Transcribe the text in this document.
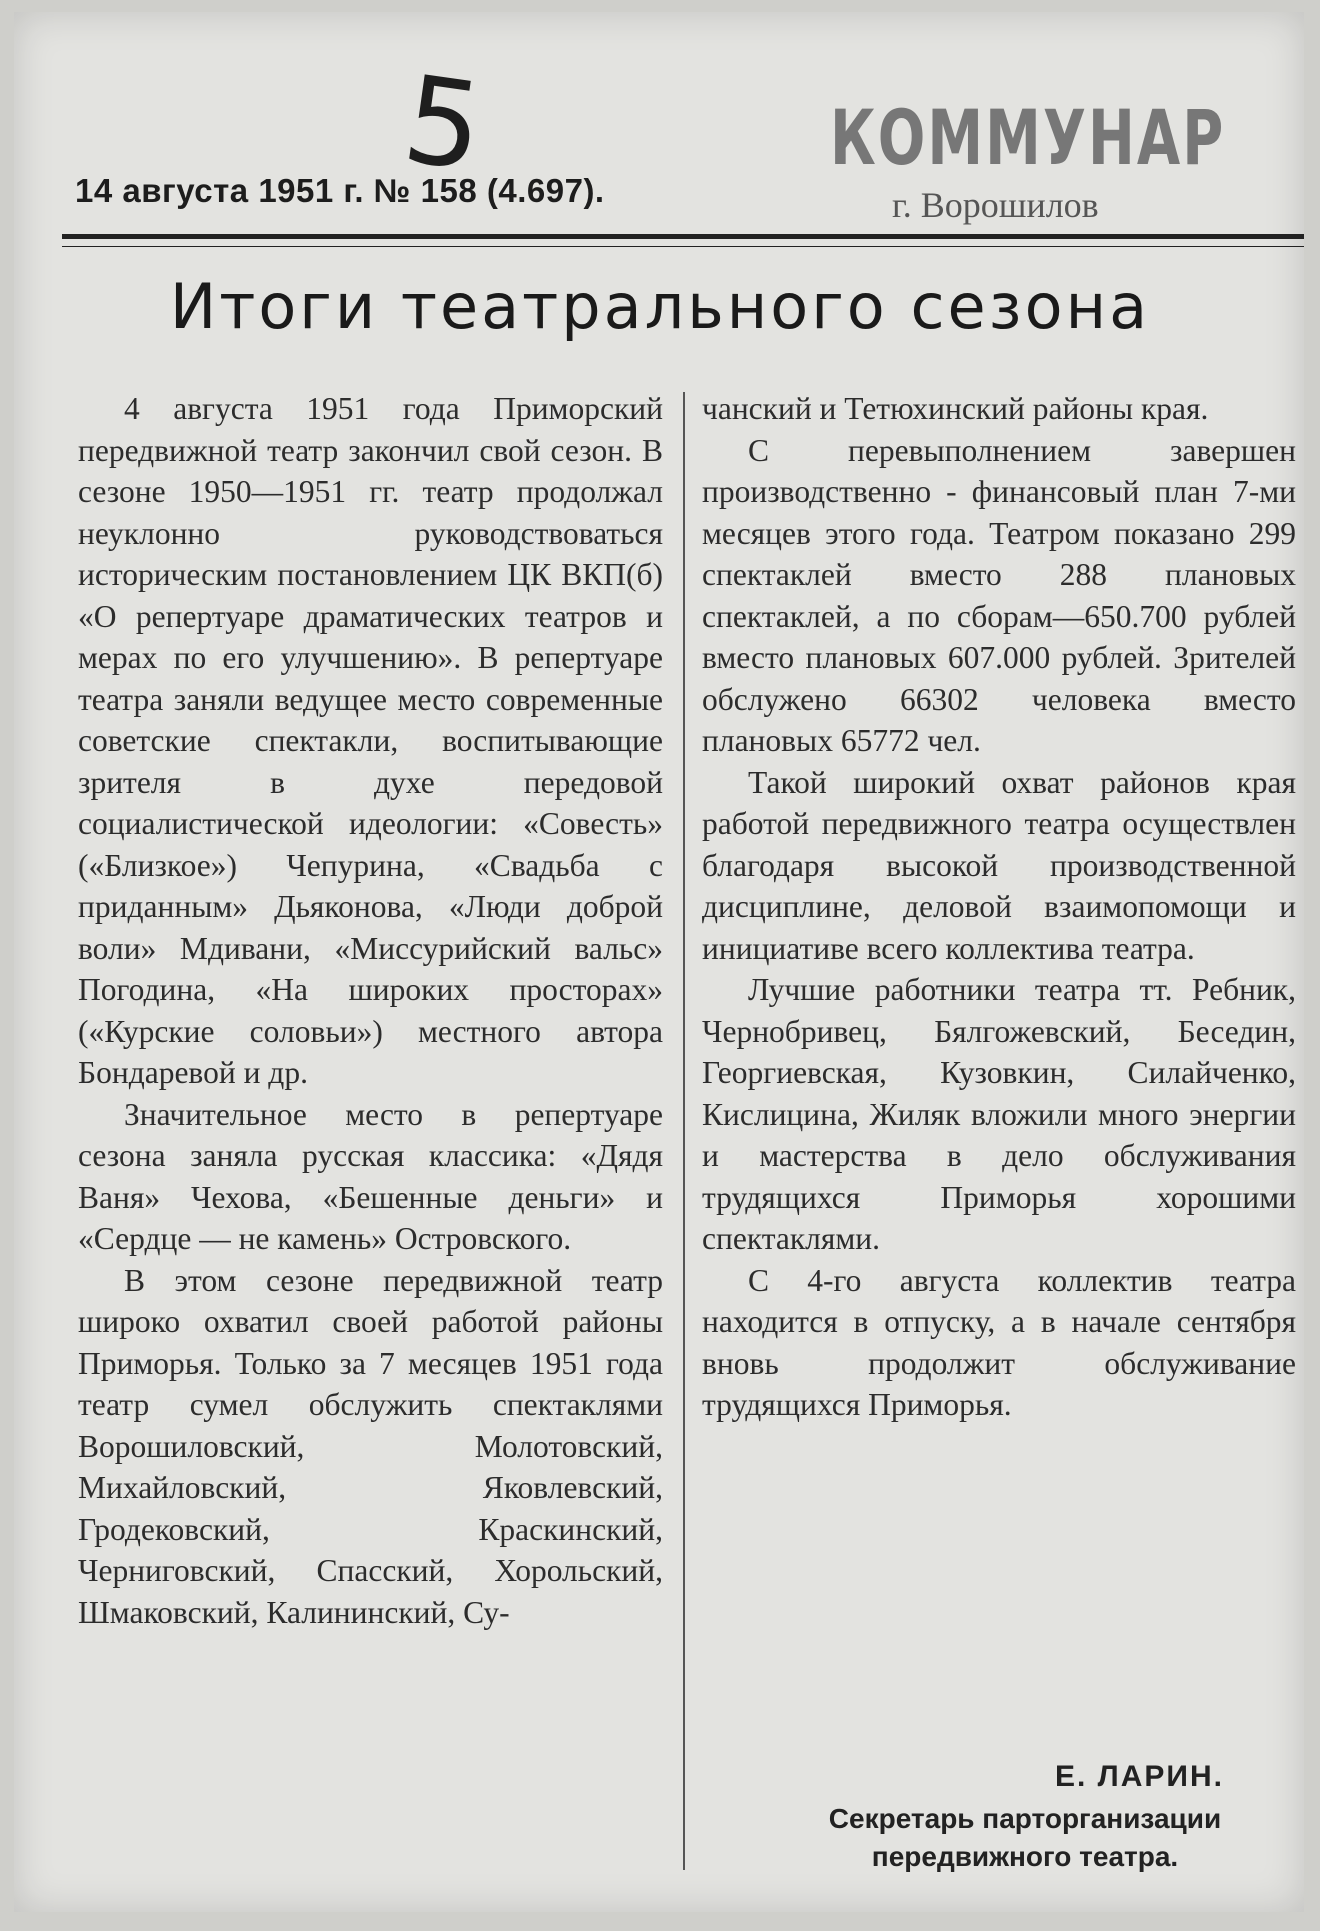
14 августа 1951 г. № 158 (4.697).
5	КОММУНАР
г. Ворошилов
Итоги театрального сезона

4 августа 1951 года Приморский передвижной театр закончил свой сезон. В сезоне 1950—1951 гг. театр продолжал неуклонно руководствоваться историческим постановлением ЦК ВКП(б) «О репертуаре драматических театров и мерах по его улучшению». В репертуаре театра заняли ведущее место современные советские спектакли, воспитывающие зрителя в духе передовой социалистической идеологии: «Совесть» («Близкое») Чепурина, «Свадьба с приданным» Дьяконова, «Люди доброй воли» Мдивани, «Миссурийский вальс» Погодина, «На широких просторах» («Курские соловьи») местного автора Бондаревой и др.

Значительное место в репертуаре сезона заняла русская классика: «Дядя Ваня» Чехова, «Бешенные деньги» и «Сердце — не камень» Островского.

В этом сезоне передвижной театр широко охватил своей работой районы Приморья. Только за 7 месяцев 1951 года театр сумел обслужить спектаклями Ворошиловский, Молотовский, Михайловский, Яковлевский, Гродековский, Краскинский, Черниговский, Спасский, Хорольский, Шмаковский, Калининский, Су-

чанский и Тетюхинский районы края.

С перевыполнением завершен производственно - финансовый план 7-ми месяцев этого года. Театром показано 299 спектаклей вместо 288 плановых спектаклей, а по сборам—650.700 рублей вместо плановых 607.000 рублей. Зрителей обслужено 66302 человека вместо плановых 65772 чел.

Такой широкий охват районов края работой передвижного театра осуществлен благодаря высокой производственной дисциплине, деловой взаимопомощи и инициативе всего коллектива театра.

Лучшие работники театра тт. Ребник, Чернобривец, Бялгожевский, Беседин, Георгиевская, Кузовкин, Силайченко, Кислицина, Жиляк вложили много энергии и мастерства в дело обслуживания трудящихся Приморья хорошими спектаклями.

С 4-го августа коллектив театра находится в отпуску, а в начале сентября вновь продолжит обслуживание трудящихся Приморья.

Е. ЛАРИН.
Секретарь парторганизации передвижного театра.
